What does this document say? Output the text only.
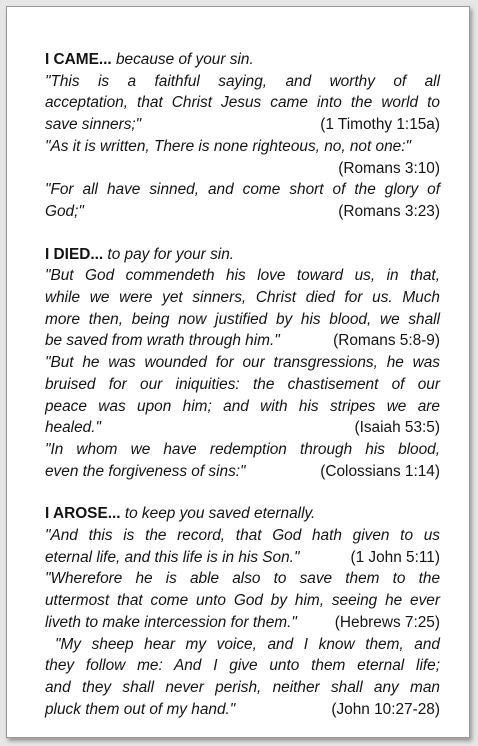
I CAME... because of your sin.
"This is a faithful saying, and worthy of all
acceptation, that Christ Jesus came into the world to
save sinners;"	(1 Timothy 1:15a)
"As it is written, There is none righteous, no, not one:"
(Romans 3:10)
"For all have sinned, and come short of the glory of
God;"	(Romans 3:23)
I DIED... to pay for your sin.
"But God commendeth his love toward us, in that,
while we were yet sinners, Christ died for us. Much
more then, being now justified by his blood, we shall
be saved from wrath through him."	(Romans 5:8-9)
"But he was wounded for our transgressions, he was
bruised for our iniquities: the chastisement of our
peace was upon him; and with his stripes we are
healed."	(Isaiah 53:5)
"In whom we have redemption through his blood,
even the forgiveness of sins:"	(Colossians 1:14)
I AROSE... to keep you saved eternally.
"And this is the record, that God hath given to us
eternal life, and this life is in his Son."	(1 John 5:11)
"Wherefore he is able also to save them to the
uttermost that come unto God by him, seeing he ever
liveth to make intercession for them." (Hebrews 7:25)
"My sheep hear my voice, and I know them, and
they follow me: And I give unto them eternal life;
and they shall never perish, neither shall any man
pluck them out of my hand."	(John 10:27-28)
